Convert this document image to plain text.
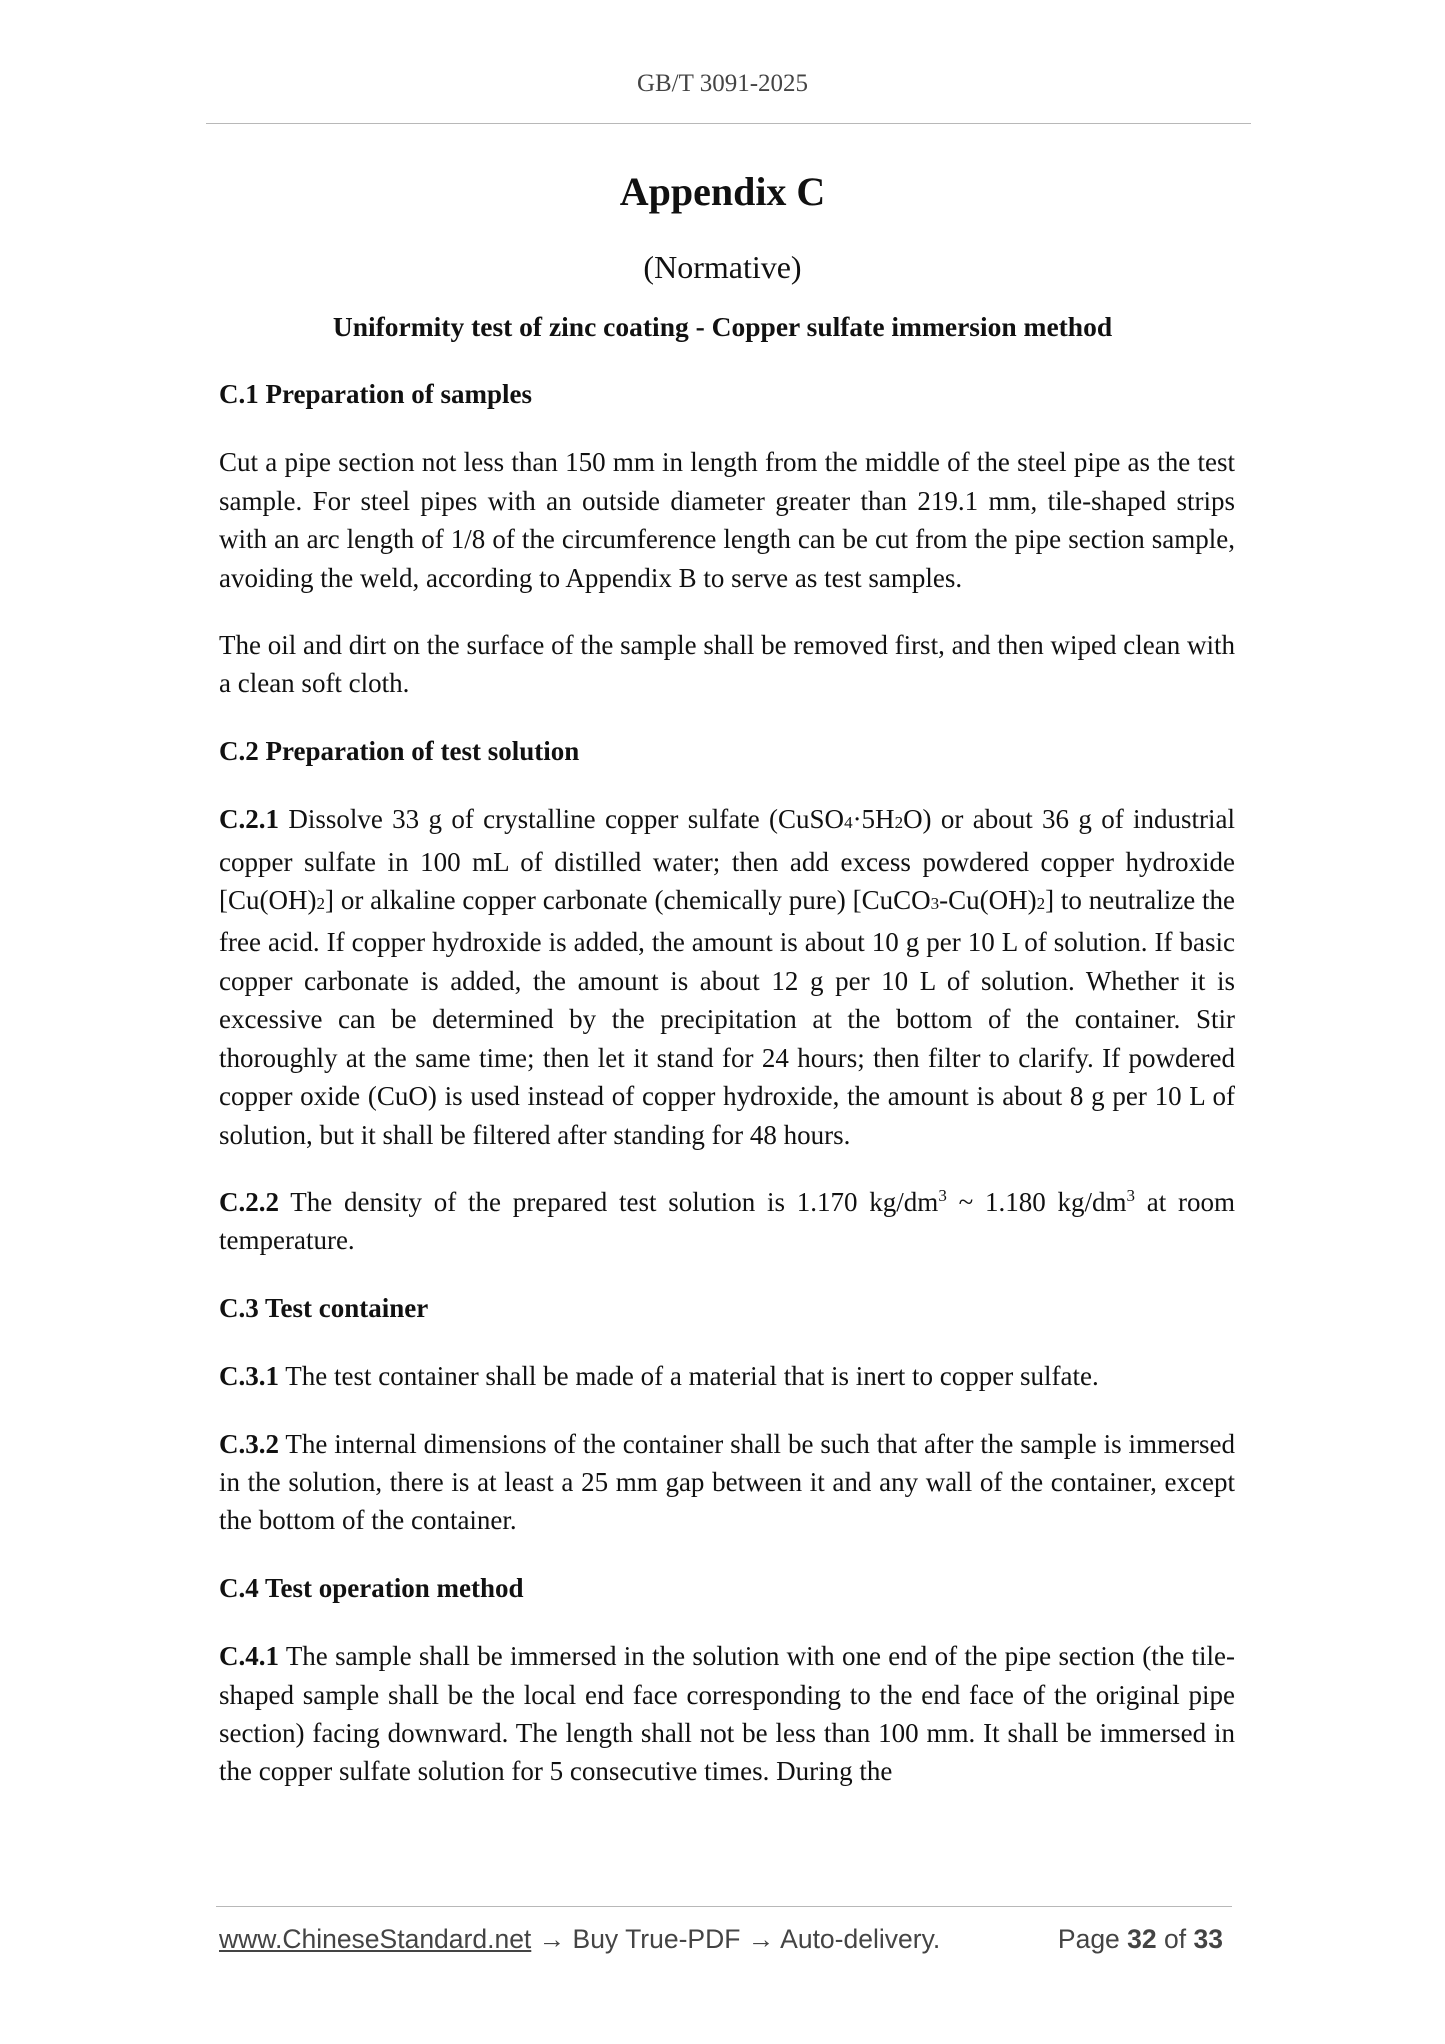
GB/T 3091-2025
Appendix C
(Normative)
Uniformity test of zinc coating - Copper sulfate immersion method
C.1 Preparation of samples

Cut a pipe section not less than 150 mm in length from the middle of the steel pipe as the test sample. For steel pipes with an outside diameter greater than 219.1 mm, tile-shaped strips with an arc length of 1/8 of the circumference length can be cut from the pipe section sample, avoiding the weld, according to Appendix B to serve as test samples.

The oil and dirt on the surface of the sample shall be removed first, and then wiped clean with a clean soft cloth.

C.2 Preparation of test solution

C.2.1 Dissolve 33 g of crystalline copper sulfate (CuSO4·5H2O) or about 36 g of industrial copper sulfate in 100 mL of distilled water; then add excess powdered copper hydroxide [Cu(OH)2] or alkaline copper carbonate (chemically pure) [CuCO3-Cu(OH)2] to neutralize the free acid. If copper hydroxide is added, the amount is about 10 g per 10 L of solution. If basic copper carbonate is added, the amount is about 12 g per 10 L of solution. Whether it is excessive can be determined by the precipitation at the bottom of the container. Stir thoroughly at the same time; then let it stand for 24 hours; then filter to clarify. If powdered copper oxide (CuO) is used instead of copper hydroxide, the amount is about 8 g per 10 L of solution, but it shall be filtered after standing for 48 hours.

C.2.2 The density of the prepared test solution is 1.170 $kg/dm^3$ ~ 1.180 $kg/dm^3$ at room temperature.

C.3 Test container

C.3.1 The test container shall be made of a material that is inert to copper sulfate.

C.3.2 The internal dimensions of the container shall be such that after the sample is immersed in the solution, there is at least a 25 mm gap between it and any wall of the container, except the bottom of the container.

C.4 Test operation method

C.4.1 The sample shall be immersed in the solution with one end of the pipe section (the tile-shaped sample shall be the local end face corresponding to the end face of the original pipe section) facing downward. The length shall not be less than 100 mm. It shall be immersed in the copper sulfate solution for 5 consecutive times. During the

www.ChineseStandard.net → Buy True-PDF → Auto-delivery.	Page 32 of 33
